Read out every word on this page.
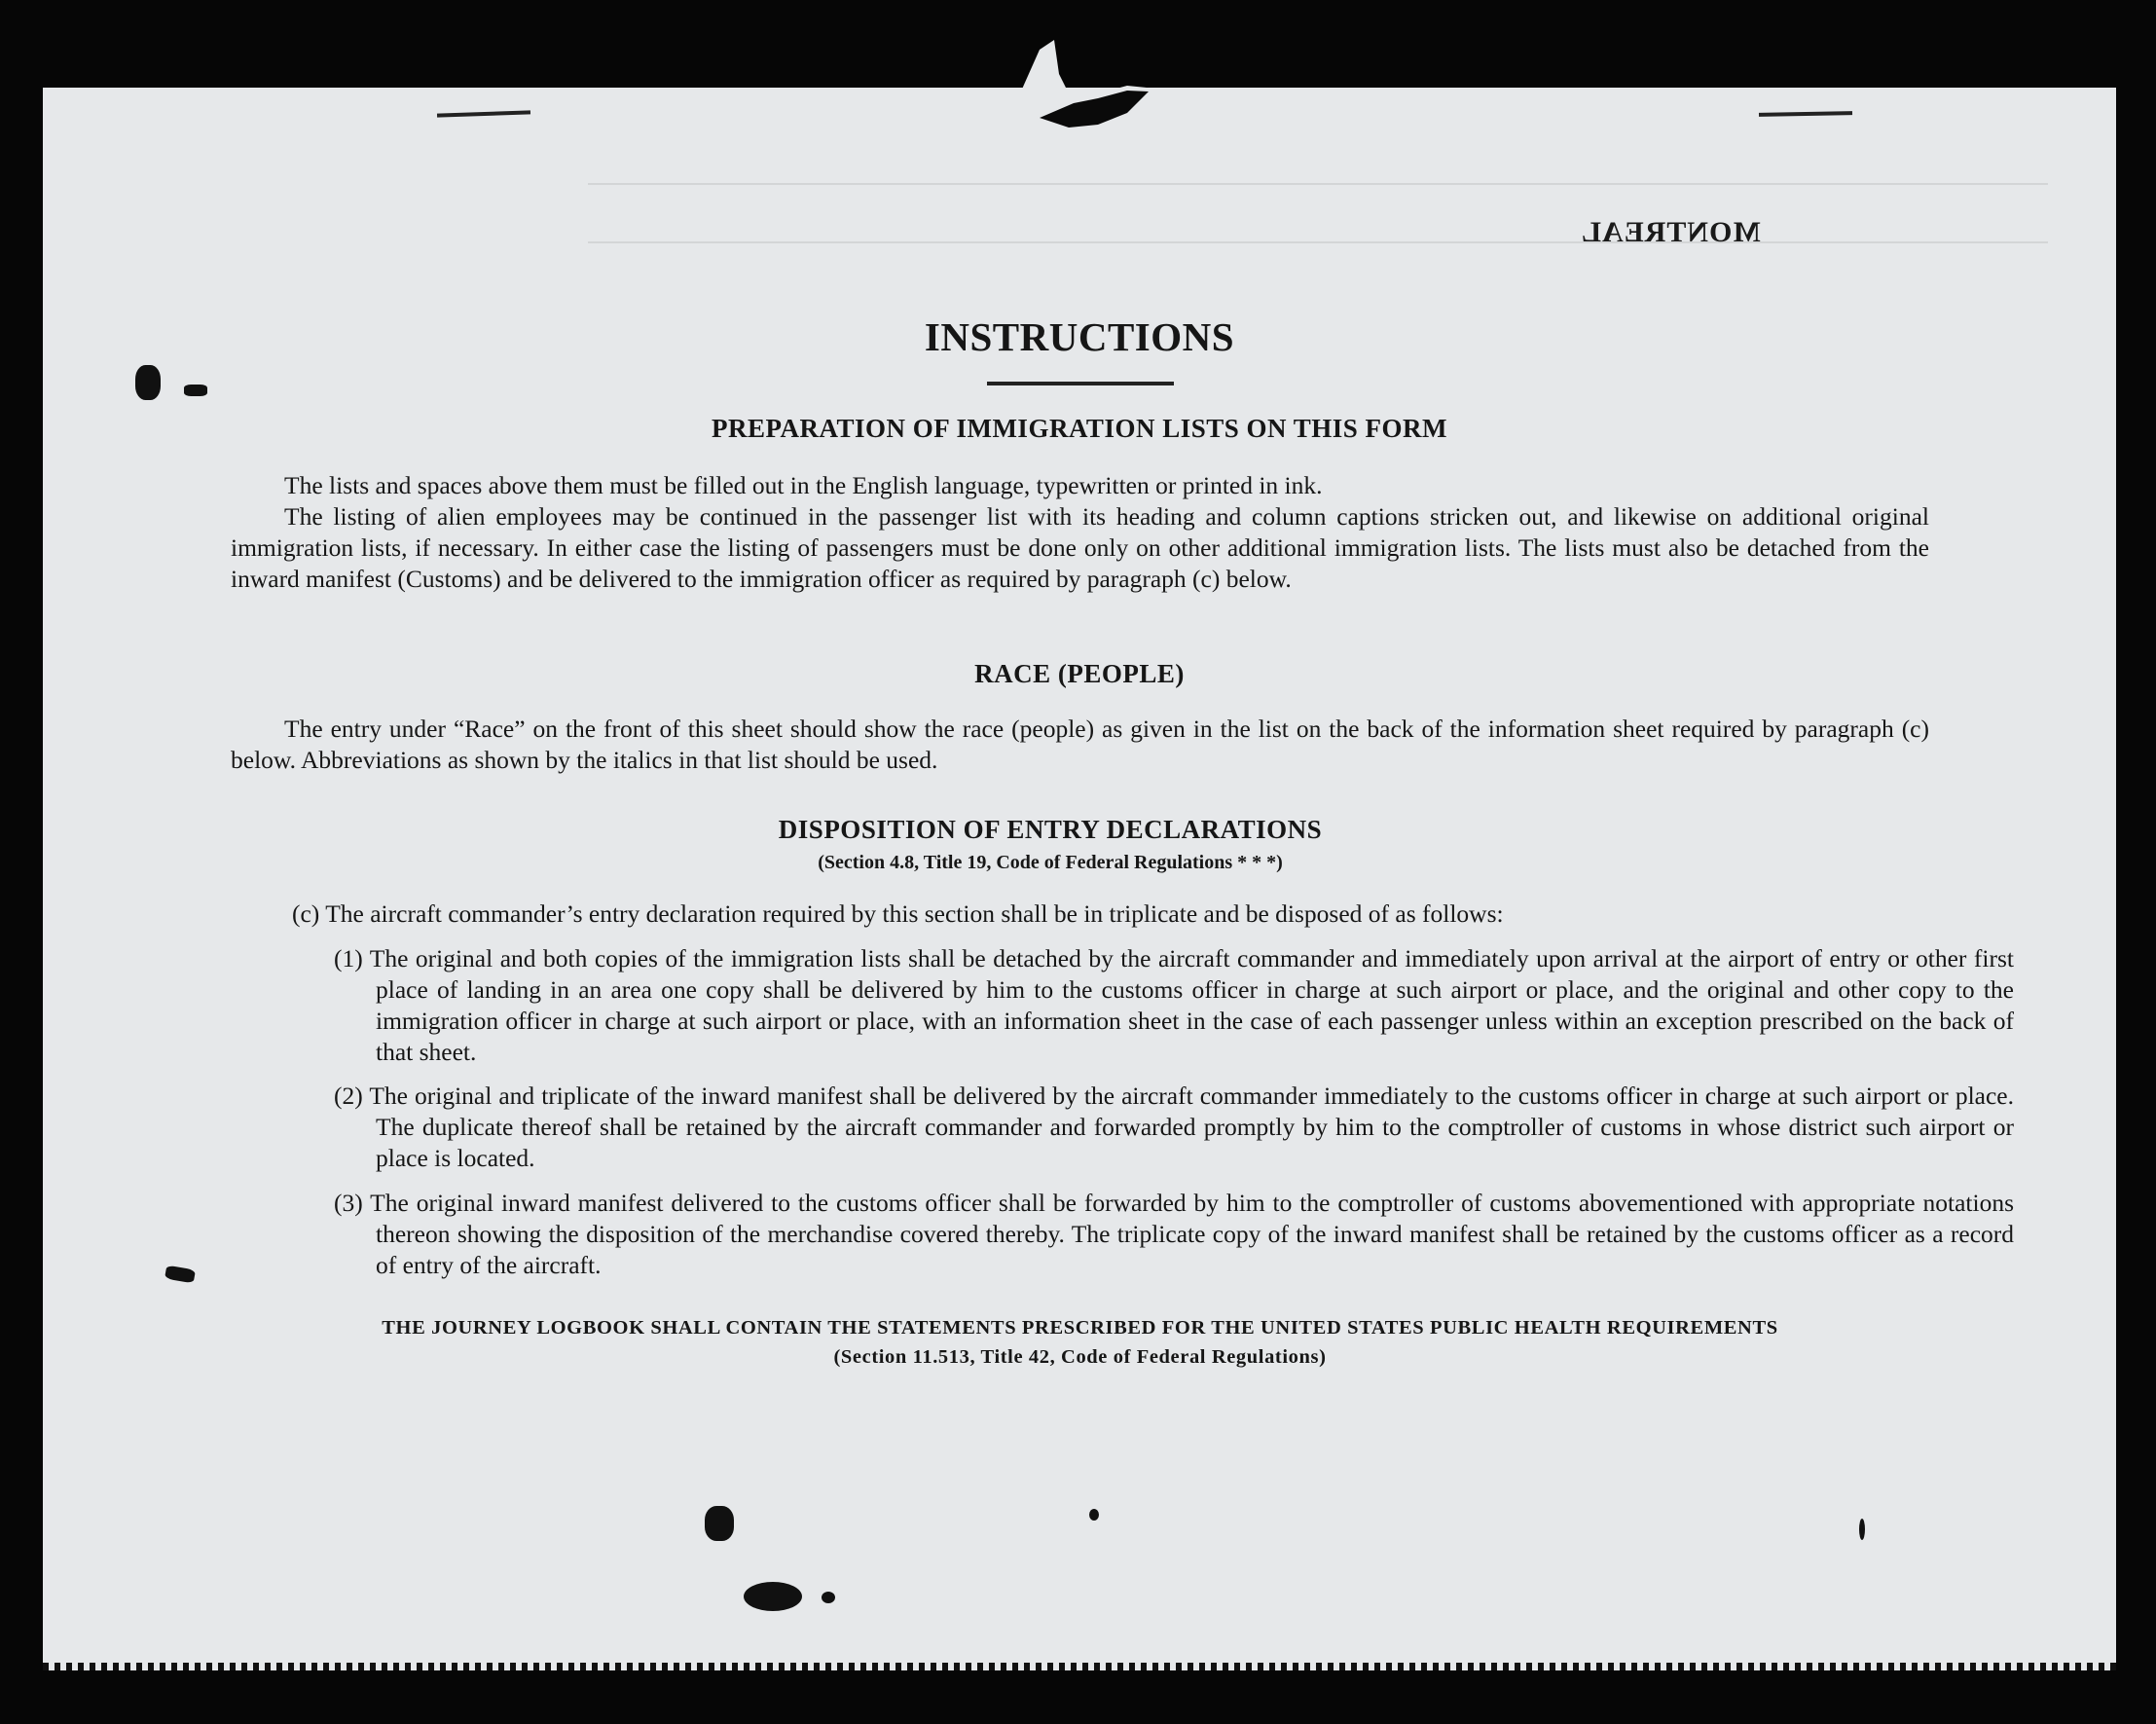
MONTREAL
INSTRUCTIONS
PREPARATION OF IMMIGRATION LISTS ON THIS FORM

The lists and spaces above them must be filled out in the English language, typewritten or printed in ink.

The listing of alien employees may be continued in the passenger list with its heading and column captions stricken out, and likewise on additional original immigration lists, if necessary. In either case the listing of passengers must be done only on other additional immigration lists. The lists must also be detached from the inward manifest (Customs) and be delivered to the immigration officer as required by paragraph (c) below.

RACE (PEOPLE)

The entry under “Race” on the front of this sheet should show the race (people) as given in the list on the back of the information sheet required by paragraph (c) below. Abbreviations as shown by the italics in that list should be used.

DISPOSITION OF ENTRY DECLARATIONS
(Section 4.8, Title 19, Code of Federal Regulations * * *)

(c) The aircraft commander’s entry declaration required by this section shall be in triplicate and be disposed of as follows:

(1) The original and both copies of the immigration lists shall be detached by the aircraft commander and immediately upon arrival at the airport of entry or other first place of landing in an area one copy shall be delivered by him to the customs officer in charge at such airport or place, and the original and other copy to the immigration officer in charge at such airport or place, with an information sheet in the case of each passenger unless within an exception prescribed on the back of that sheet.

(2) The original and triplicate of the inward manifest shall be delivered by the aircraft commander immediately to the customs officer in charge at such airport or place. The duplicate thereof shall be retained by the aircraft commander and forwarded promptly by him to the comptroller of customs in whose district such airport or place is located.

(3) The original inward manifest delivered to the customs officer shall be forwarded by him to the comptroller of customs abovementioned with appropriate notations thereon showing the disposition of the merchandise covered thereby. The triplicate copy of the inward manifest shall be retained by the customs officer as a record of entry of the aircraft.

THE JOURNEY LOGBOOK SHALL CONTAIN THE STATEMENTS PRESCRIBED FOR THE UNITED STATES PUBLIC HEALTH REQUIREMENTS
(Section 11.513, Title 42, Code of Federal Regulations)
